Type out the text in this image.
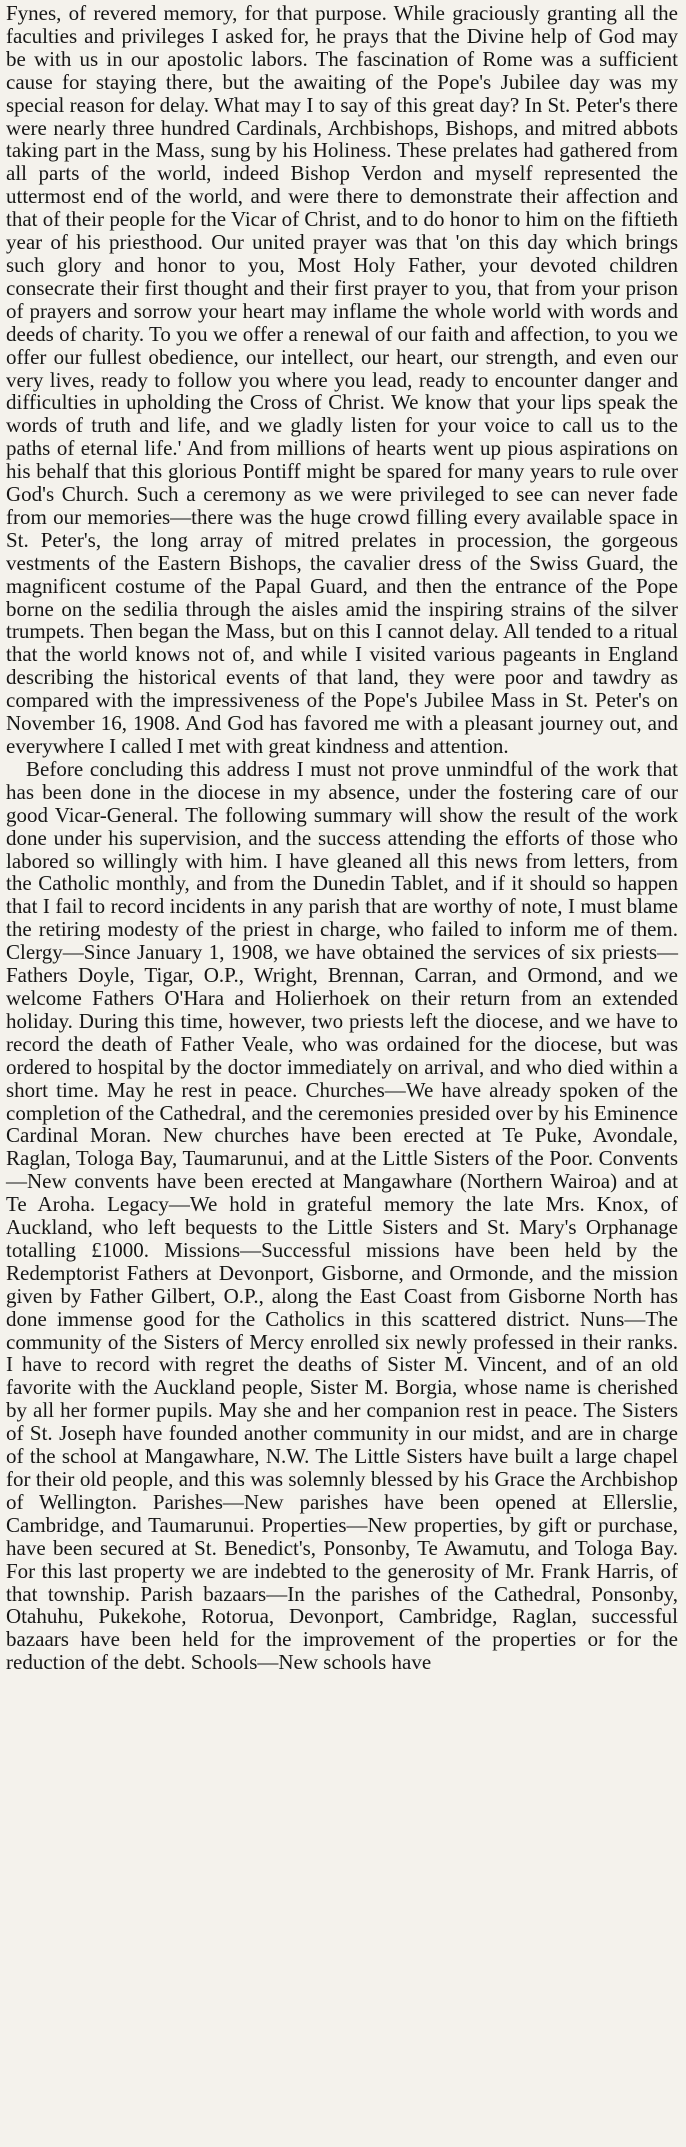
Fynes, of revered memory, for that purpose. While graciously granting all the faculties and privileges I asked for, he prays that the Divine help of God may be with us in our apostolic labors. The fascination of Rome was a sufficient cause for staying there, but the awaiting of the Pope's Jubilee day was my special reason for delay. What may I to say of this great day? In St. Peter's there were nearly three hundred Cardinals, Archbishops, Bishops, and mitred abbots taking part in the Mass, sung by his Holiness. These prelates had gathered from all parts of the world, indeed Bishop Verdon and myself represented the uttermost end of the world, and were there to demonstrate their affection and that of their people for the Vicar of Christ, and to do honor to him on the fiftieth year of his priesthood. Our united prayer was that 'on this day which brings such glory and honor to you, Most Holy Father, your devoted children consecrate their first thought and their first prayer to you, that from your prison of prayers and sorrow your heart may inflame the whole world with words and deeds of charity. To you we offer a renewal of our faith and affection, to you we offer our fullest obedience, our intellect, our heart, our strength, and even our very lives, ready to follow you where you lead, ready to encounter danger and difficulties in upholding the Cross of Christ. We know that your lips speak the words of truth and life, and we gladly listen for your voice to call us to the paths of eternal life.' And from millions of hearts went up pious aspirations on his behalf that this glorious Pontiff might be spared for many years to rule over God's Church. Such a ceremony as we were privileged to see can never fade from our memories—there was the huge crowd filling every available space in St. Peter's, the long array of mitred prelates in procession, the gorgeous vestments of the Eastern Bishops, the cavalier dress of the Swiss Guard, the magnificent costume of the Papal Guard, and then the entrance of the Pope borne on the sedilia through the aisles amid the inspiring strains of the silver trumpets. Then began the Mass, but on this I cannot delay. All tended to a ritual that the world knows not of, and while I visited various pageants in England describing the historical events of that land, they were poor and tawdry as compared with the impressiveness of the Pope's Jubilee Mass in St. Peter's on November 16, 1908. And God has favored me with a pleasant journey out, and everywhere I called I met with great kindness and attention.

Before concluding this address I must not prove unmindful of the work that has been done in the diocese in my absence, under the fostering care of our good Vicar-General. The following summary will show the result of the work done under his supervision, and the success attending the efforts of those who labored so willingly with him. I have gleaned all this news from letters, from the Catholic monthly, and from the Dunedin Tablet, and if it should so happen that I fail to record incidents in any parish that are worthy of note, I must blame the retiring modesty of the priest in charge, who failed to inform me of them. Clergy—Since January 1, 1908, we have obtained the services of six priests—Fathers Doyle, Tigar, O.P., Wright, Brennan, Carran, and Ormond, and we welcome Fathers O'Hara and Holierhoek on their return from an extended holiday. During this time, however, two priests left the diocese, and we have to record the death of Father Veale, who was ordained for the diocese, but was ordered to hospital by the doctor immediately on arrival, and who died within a short time. May he rest in peace. Churches—We have already spoken of the completion of the Cathedral, and the ceremonies presided over by his Eminence Cardinal Moran. New churches have been erected at Te Puke, Avondale, Raglan, Tologa Bay, Taumarunui, and at the Little Sisters of the Poor. Convents—New convents have been erected at Mangawhare (Northern Wairoa) and at Te Aroha. Legacy—We hold in grateful memory the late Mrs. Knox, of Auckland, who left bequests to the Little Sisters and St. Mary's Orphanage totalling £1000. Missions—Successful missions have been held by the Redemptorist Fathers at Devonport, Gisborne, and Ormonde, and the mission given by Father Gilbert, O.P., along the East Coast from Gisborne North has done immense good for the Catholics in this scattered district. Nuns—The community of the Sisters of Mercy enrolled six newly professed in their ranks. I have to record with regret the deaths of Sister M. Vincent, and of an old favorite with the Auckland people, Sister M. Borgia, whose name is cherished by all her former pupils. May she and her companion rest in peace. The Sisters of St. Joseph have founded another community in our midst, and are in charge of the school at Mangawhare, N.W. The Little Sisters have built a large chapel for their old people, and this was solemnly blessed by his Grace the Archbishop of Wellington. Parishes—New parishes have been opened at Ellerslie, Cambridge, and Taumarunui. Properties—New properties, by gift or purchase, have been secured at St. Benedict's, Ponsonby, Te Awamutu, and Tologa Bay. For this last property we are indebted to the generosity of Mr. Frank Harris, of that township. Parish bazaars—In the parishes of the Cathedral, Ponsonby, Otahuhu, Pukekohe, Rotorua, Devonport, Cambridge, Raglan, successful bazaars have been held for the improvement of the properties or for the reduction of the debt. Schools—New schools have
